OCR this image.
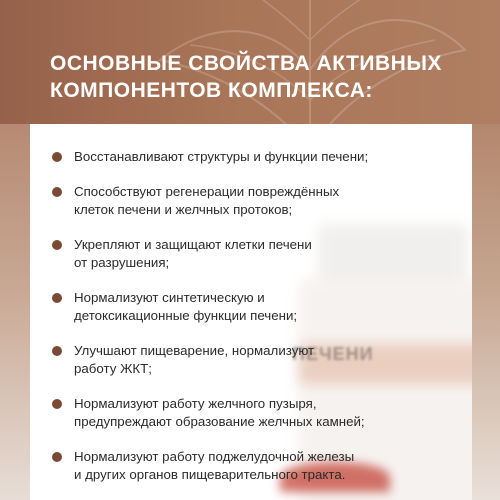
ОСНОВНЫЕ СВОЙСТВА АКТИВНЫХ
КОМПОНЕНТОВ КОМПЛЕКСА:
ПЕЧЕНИ
Восстанавливают структуры и функции печени;
Способствуют регенерации повреждённых
клеток печени и желчных протоков;
Укрепляют и защищают клетки печени
от разрушения;
Нормализуют синтетическую и
детоксикационные функции печени;
Улучшают пищеварение, нормализуют
работу ЖКТ;
Нормализуют работу желчного пузыря,
предупреждают образование желчных камней;
Нормализуют работу поджелудочной железы
и других органов пищеварительного тракта.
